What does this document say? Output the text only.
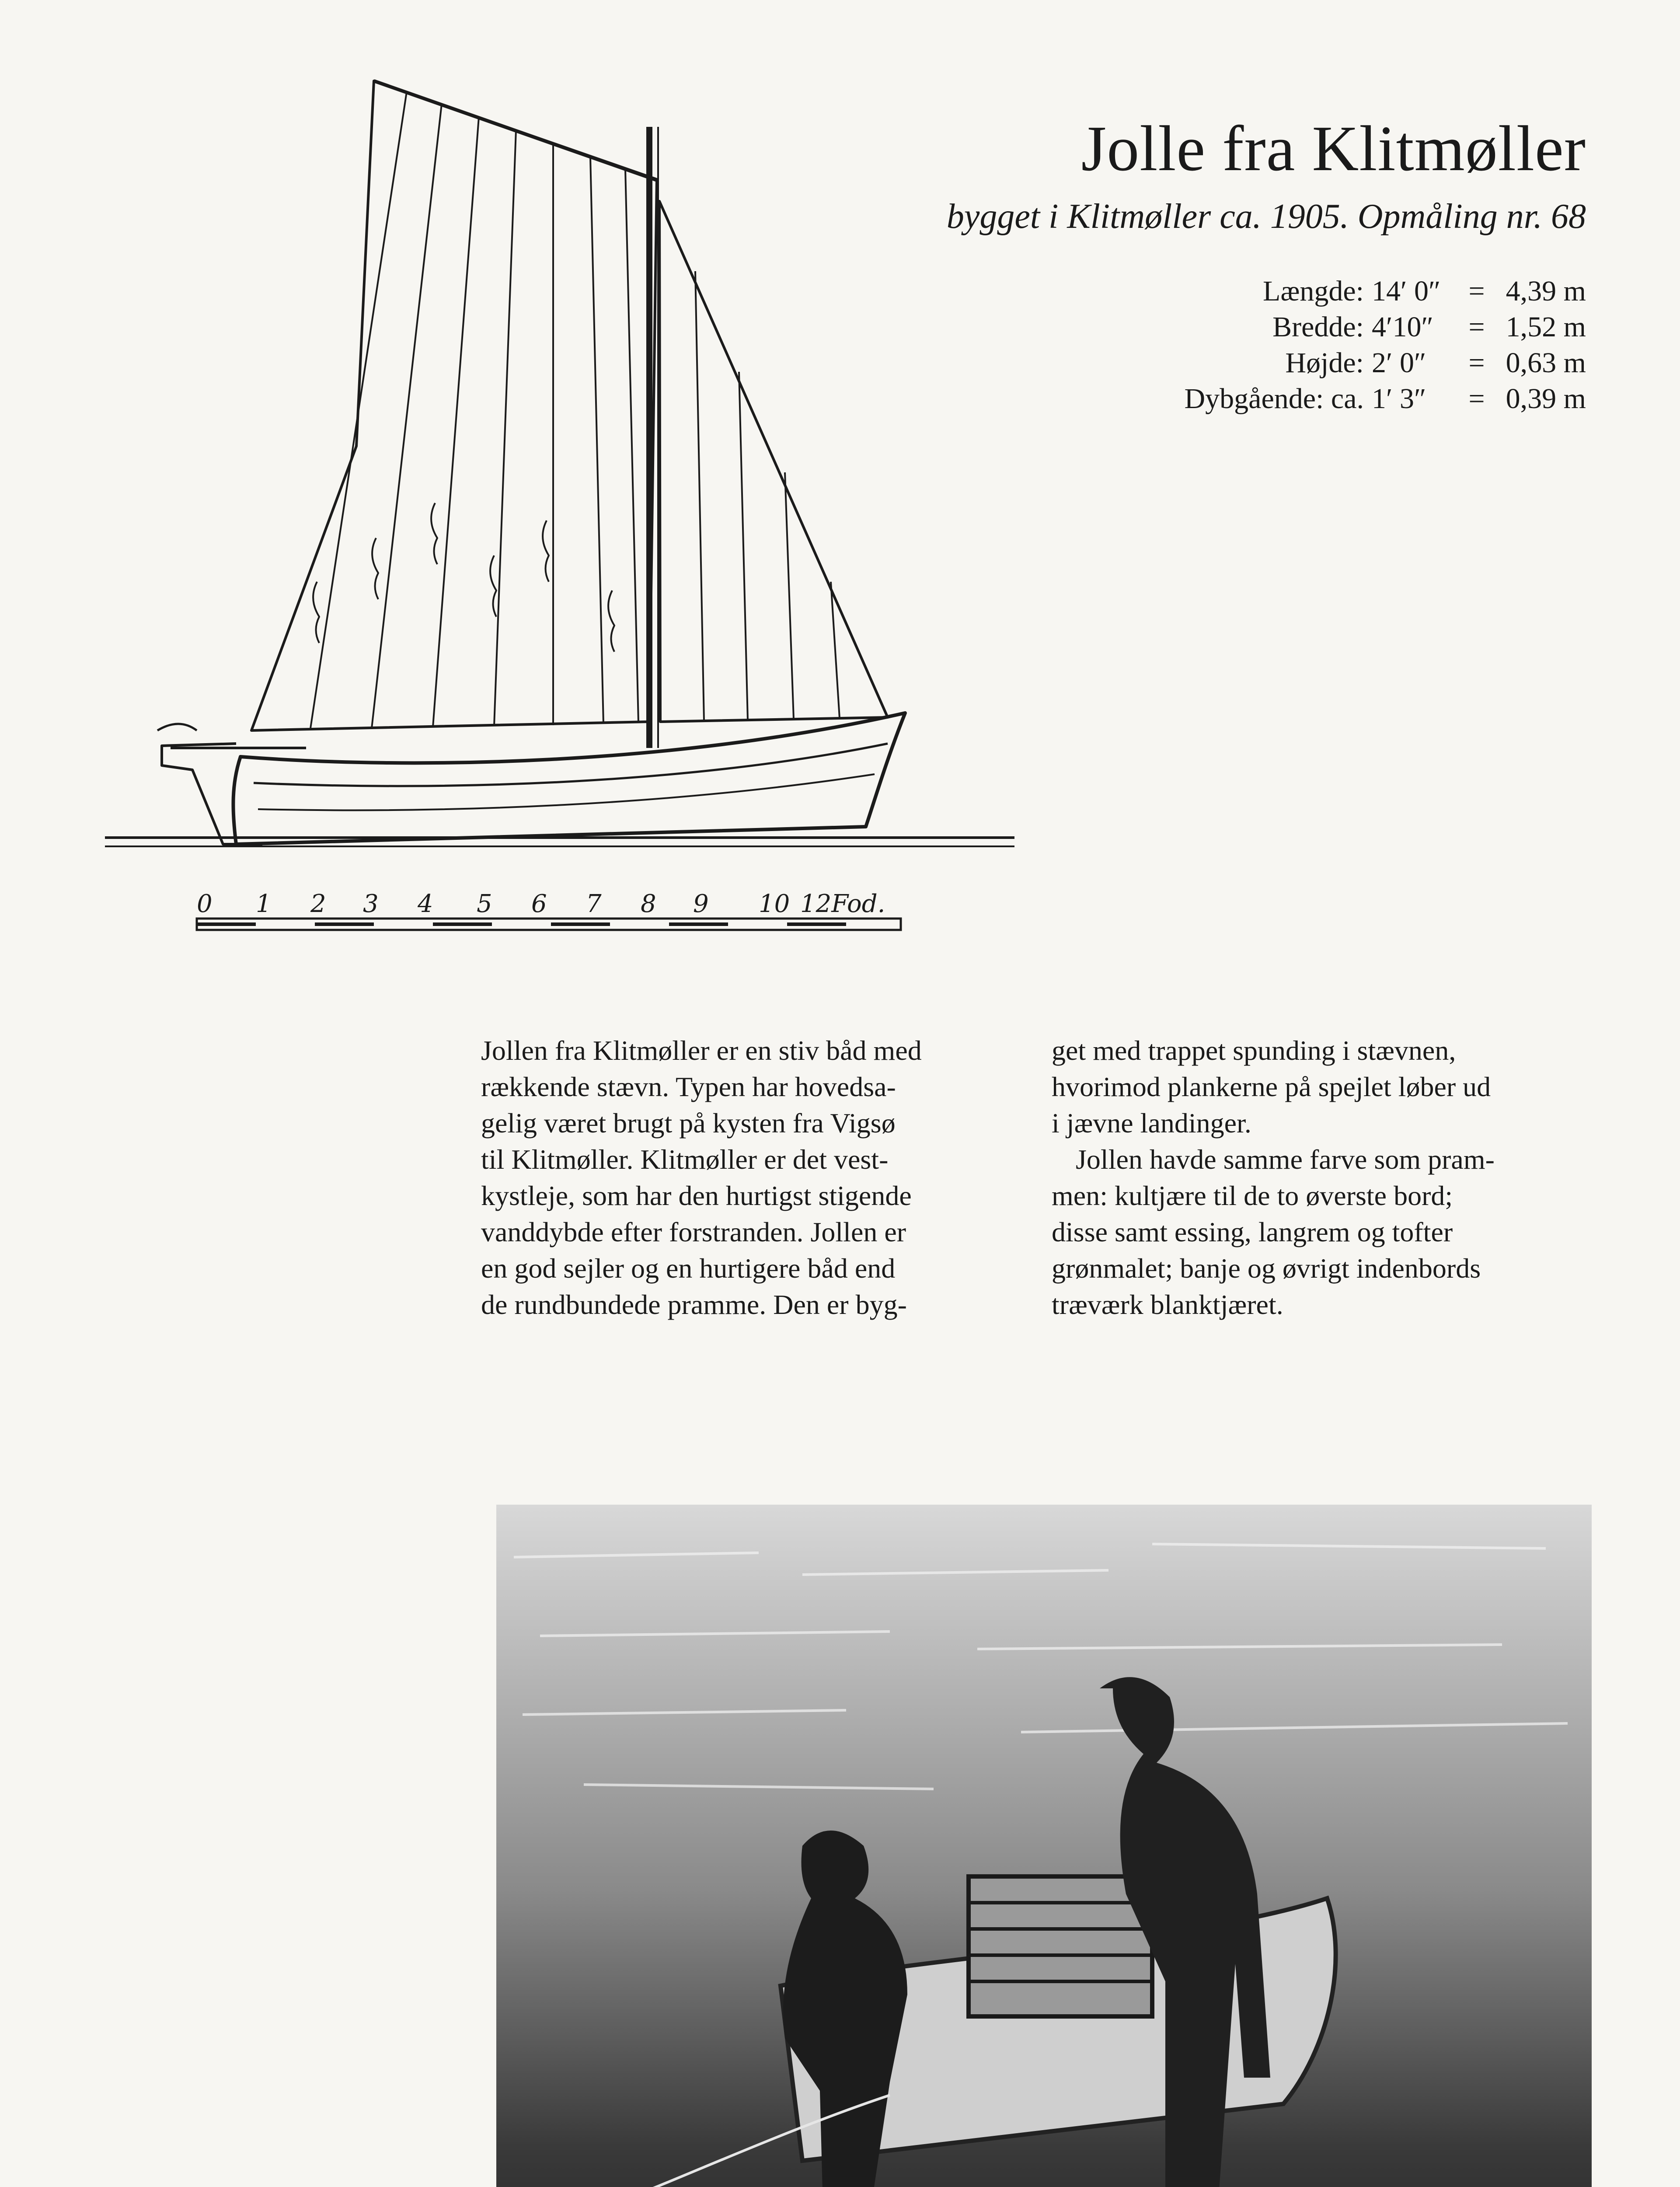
Jolle fra Klitmøller
bygget i Klitmøller ca. 1905. Opmåling nr. 68
Længde: 14′ 0″ = 4,39 m
Bredde: 4′10″	= 1,52 m
Højde: 2′ 0″	= 0,63 m
Dybgående: ca. 1′ 3″	= 0,39 m
0 1 2 3 4 5 6 7 8 9 10 12Fod.

Jollen fra Klitmøller er en stiv båd med
rækkende stævn. Typen har hovedsa-
gelig været brugt på kysten fra Vigsø
til Klitmøller. Klitmøller er det vest-
kystleje, som har den hurtigst stigende
vanddybde efter forstranden. Jollen er
en god sejler og en hurtigere båd end
de rundbundede pramme. Den er byg-

get med trappet spunding i stævnen,
hvorimod plankerne på spejlet løber ud
i jævne landinger.

Jollen havde samme farve som pram-
men: kultjære til de to øverste bord;
disse samt essing, langrem og tofter
grønmalet; banje og øvrigt indenbords
træværk blanktjæret.
